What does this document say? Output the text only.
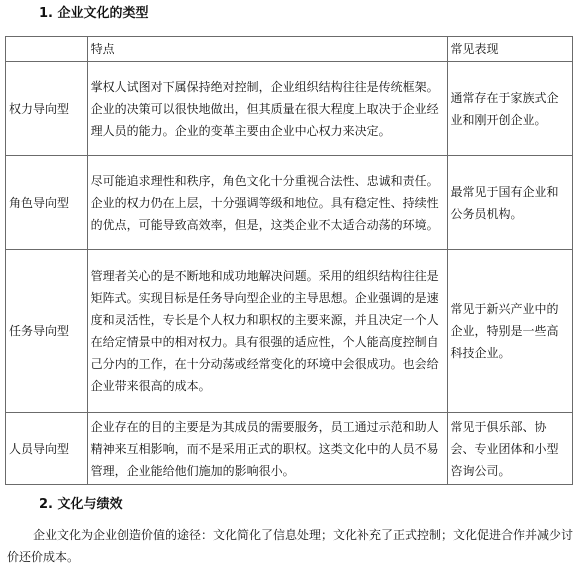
1. 企业文化的类型
	特点	常见表现
权力导向型	掌权人试图对下属保持绝对控制，企业组织结构往往是传统框架。企业的决策可以很快地做出，但其质量在很大程度上取决于企业经理人员的能力。企业的变革主要由企业中心权力来决定。	通常存在于家族式企业和刚开创企业。
角色导向型	尽可能追求理性和秩序，角色文化十分重视合法性、忠诚和责任。企业的权力仍在上层，十分强调等级和地位。具有稳定性、持续性的优点，可能导致高效率，但是，这类企业不太适合动荡的环境。	最常见于国有企业和公务员机构。
任务导向型	管理者关心的是不断地和成功地解决问题。采用的组织结构往往是矩阵式。实现目标是任务导向型企业的主导思想。企业强调的是速度和灵活性，专长是个人权力和职权的主要来源，并且决定一个人在给定情景中的相对权力。具有很强的适应性，个人能高度控制自己分内的工作，在十分动荡或经常变化的环境中会很成功。也会给企业带来很高的成本。	常见于新兴产业中的企业，特别是一些高科技企业。
人员导向型	企业存在的目的主要是为其成员的需要服务，员工通过示范和助人精神来互相影响，而不是采用正式的职权。这类文化中的人员不易管理，企业能给他们施加的影响很小。	常见于俱乐部、协会、专业团体和小型咨询公司。
2. 文化与绩效

企业文化为企业创造价值的途径：文化简化了信息处理；文化补充了正式控制；文化促进合作并减少讨价还价成本。
